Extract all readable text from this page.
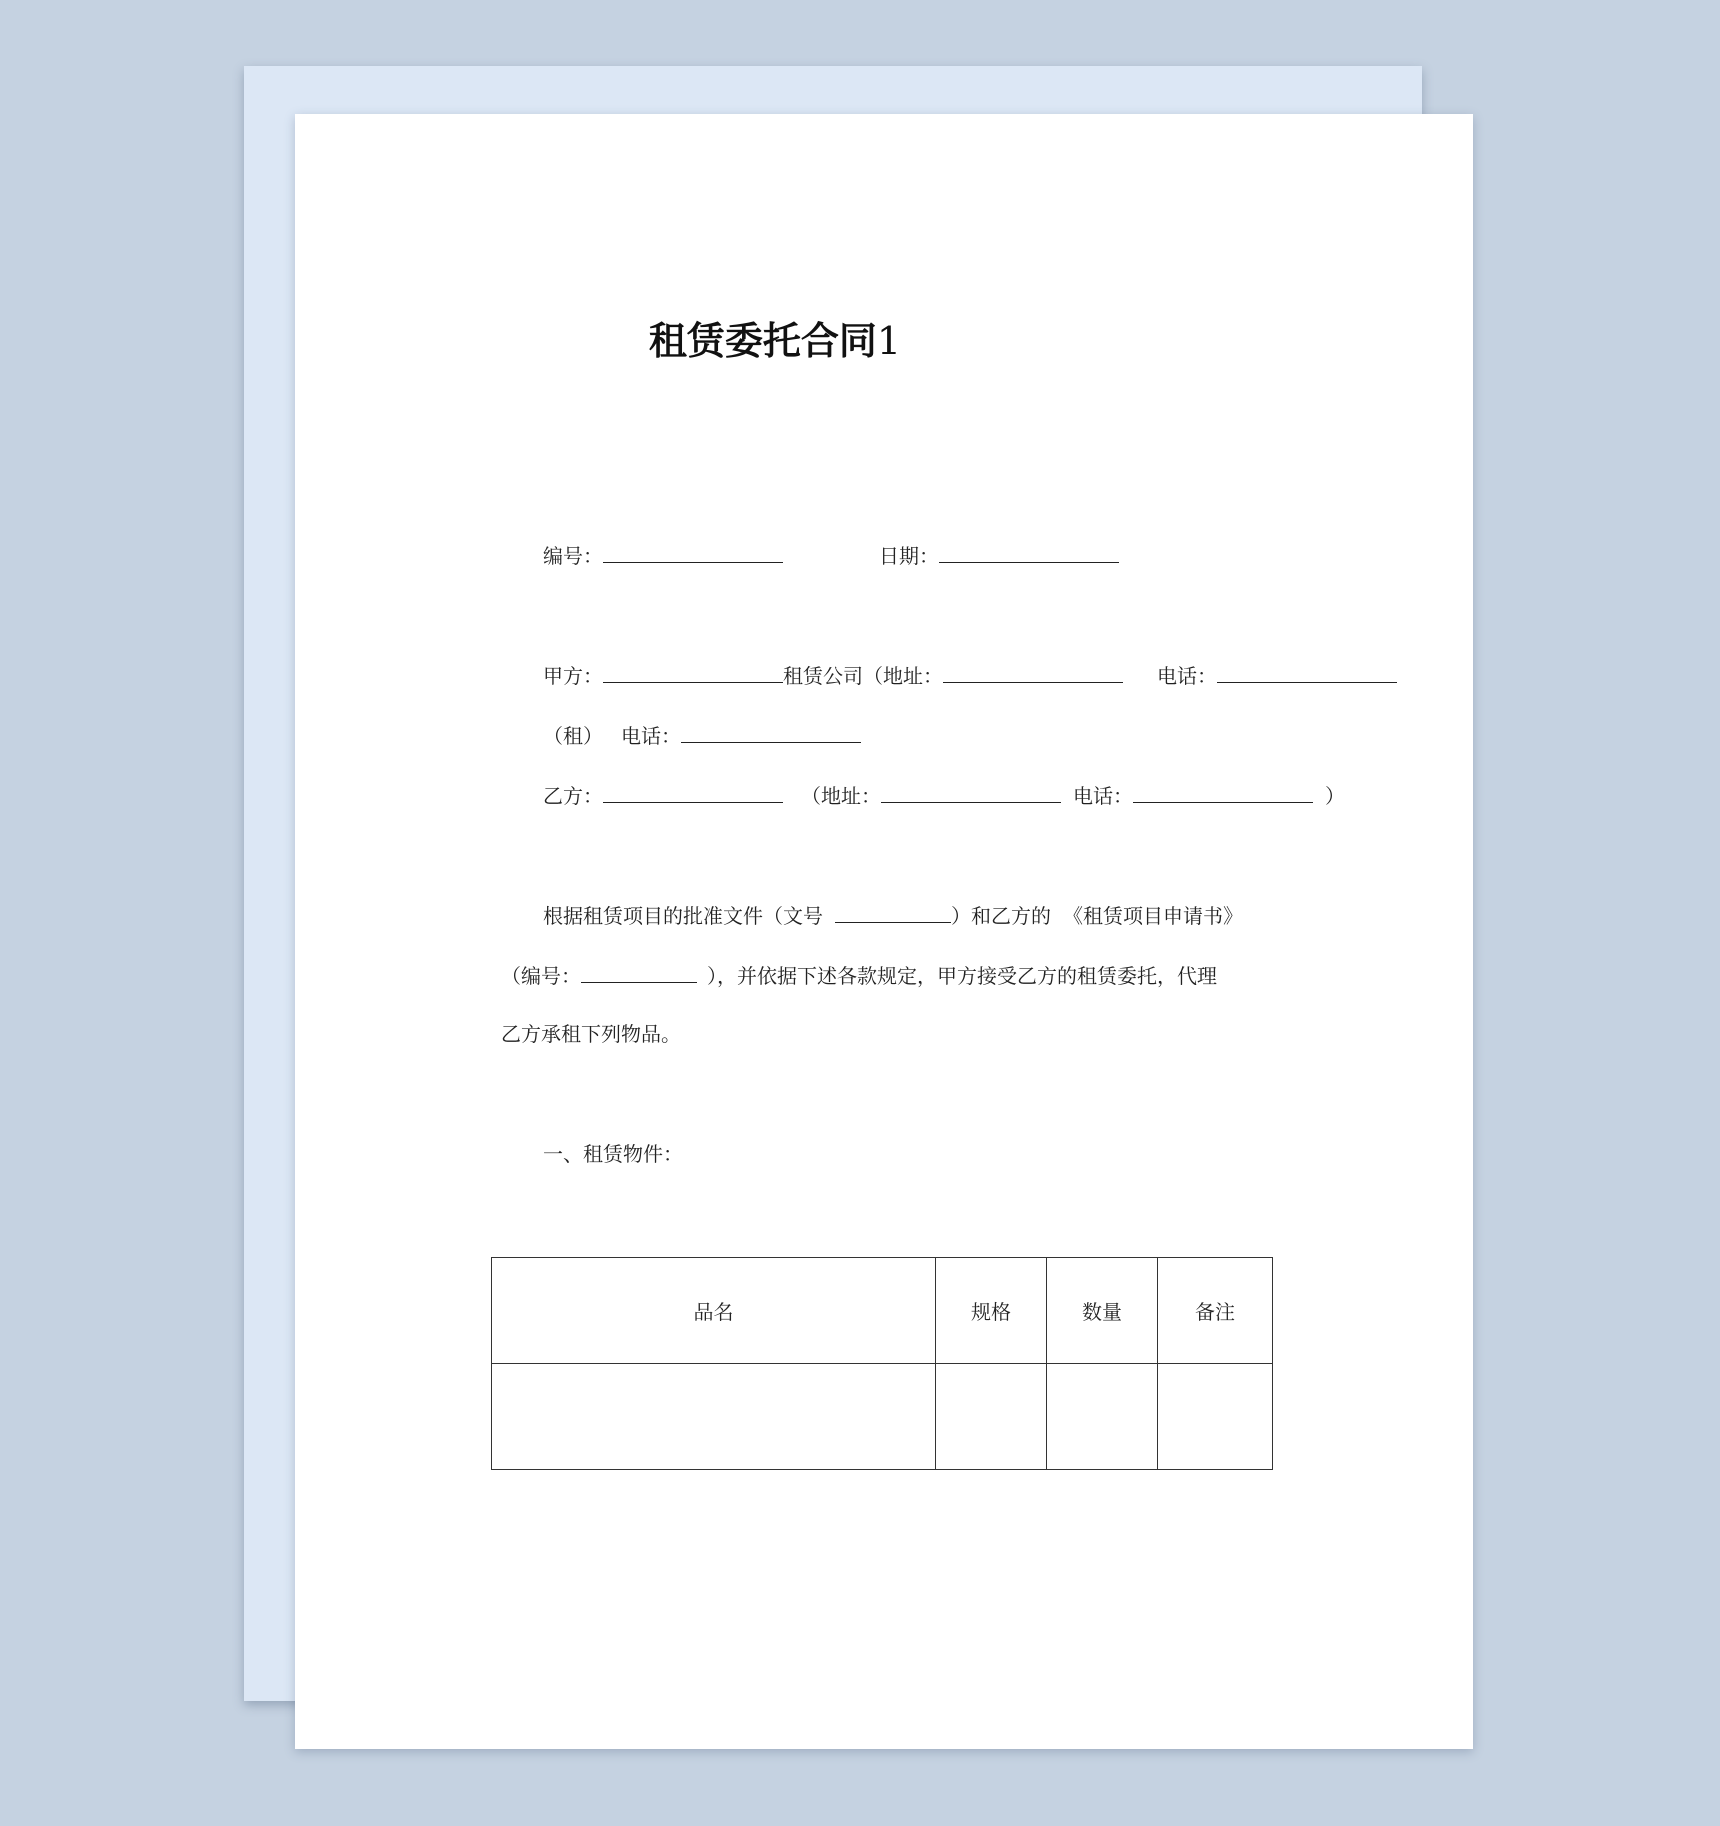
租赁委托合同1
编号：	日期：
甲方：	租赁公司（地址：	电话：
（租） 电话：
乙方：	（地址：	电话：	）
根据租赁项目的批准文件（文号	）和乙方的 《租赁项目申请书》
（编号：	），并依据下述各款规定，甲方接受乙方的租赁委托，代理
乙方承租下列物品。
一、租赁物件：
品名	规格	数量	备注
